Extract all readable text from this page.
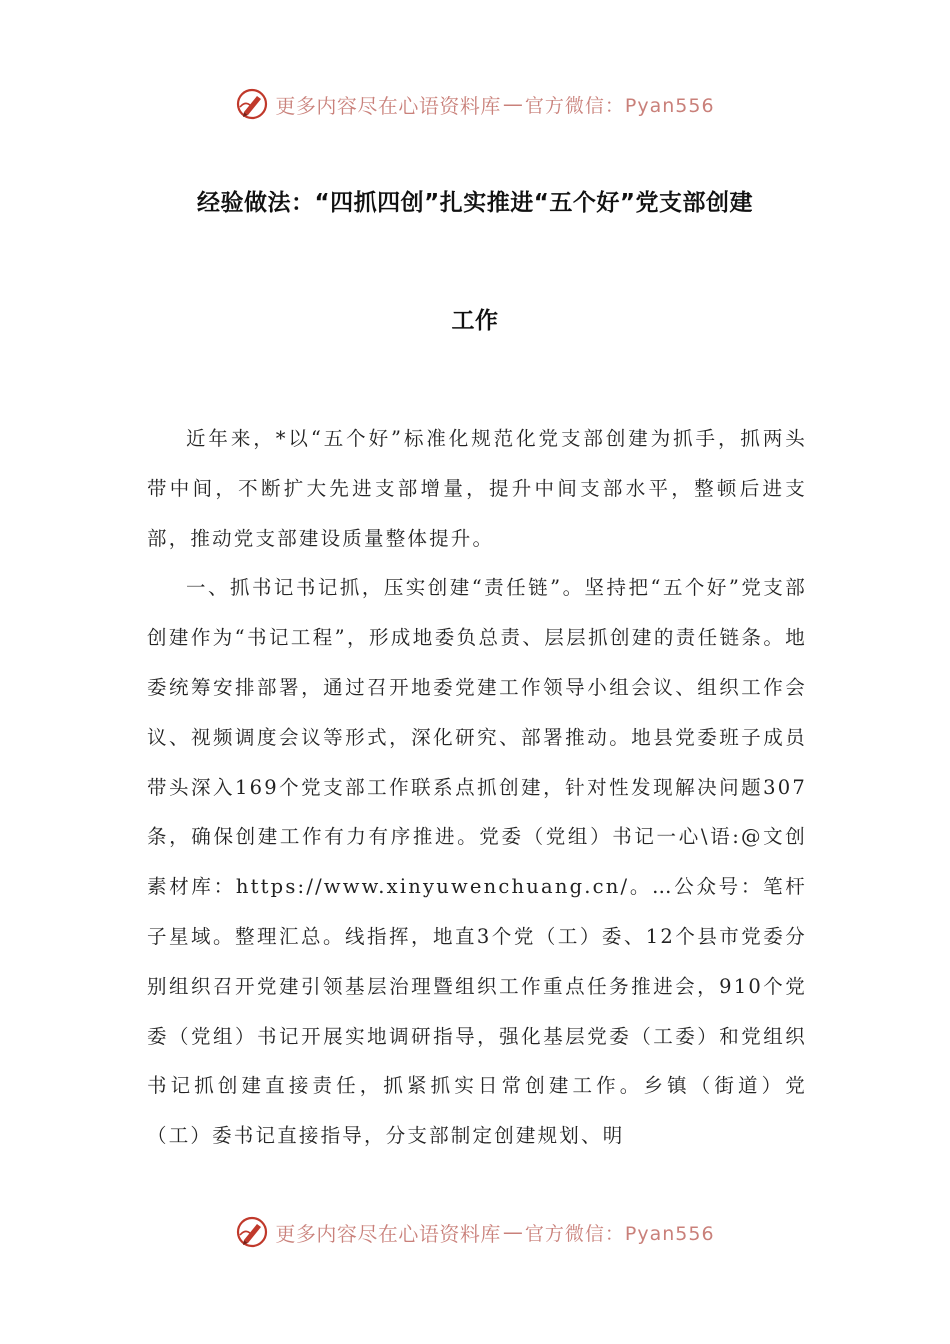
更多内容尽在心语资料库 — 官方微信：Pyan556
经验做法：“四抓四创”扎实推进“五个好”党支部创建
工作

近年来，*以“五个好”标准化规范化党支部创建为抓手，抓两头带中间，不断扩大先进支部增量，提升中间支部水平，整顿后进支部，推动党支部建设质量整体提升。

一、抓书记书记抓，压实创建“责任链”。坚持把“五个好”党支部创建作为“书记工程”，形成地委负总责、层层抓创建的责任链条。地委统筹安排部署，通过召开地委党建工作领导小组会议、组织工作会议、视频调度会议等形式，深化研究、部署推动。地县党委班子成员带头深入169个党支部工作联系点抓创建，针对性发现解决问题307条，确保创建工作有力有序推进。党委（党组）书记一心\语:@文创素材库：https://www.xinyuwenchuang.cn/。…公众号：笔杆子星域。整理汇总。线指挥，地直3个党（工）委、12个县市党委分别组织召开党建引领基层治理暨组织工作重点任务推进会，910个党委（党组）书记开展实地调研指导，强化基层党委（工委）和党组织书记抓创建直接责任，抓紧抓实日常创建工作。乡镇（街道）党（工）委书记直接指导，分支部制定创建规划、明

更多内容尽在心语资料库 — 官方微信：Pyan556
